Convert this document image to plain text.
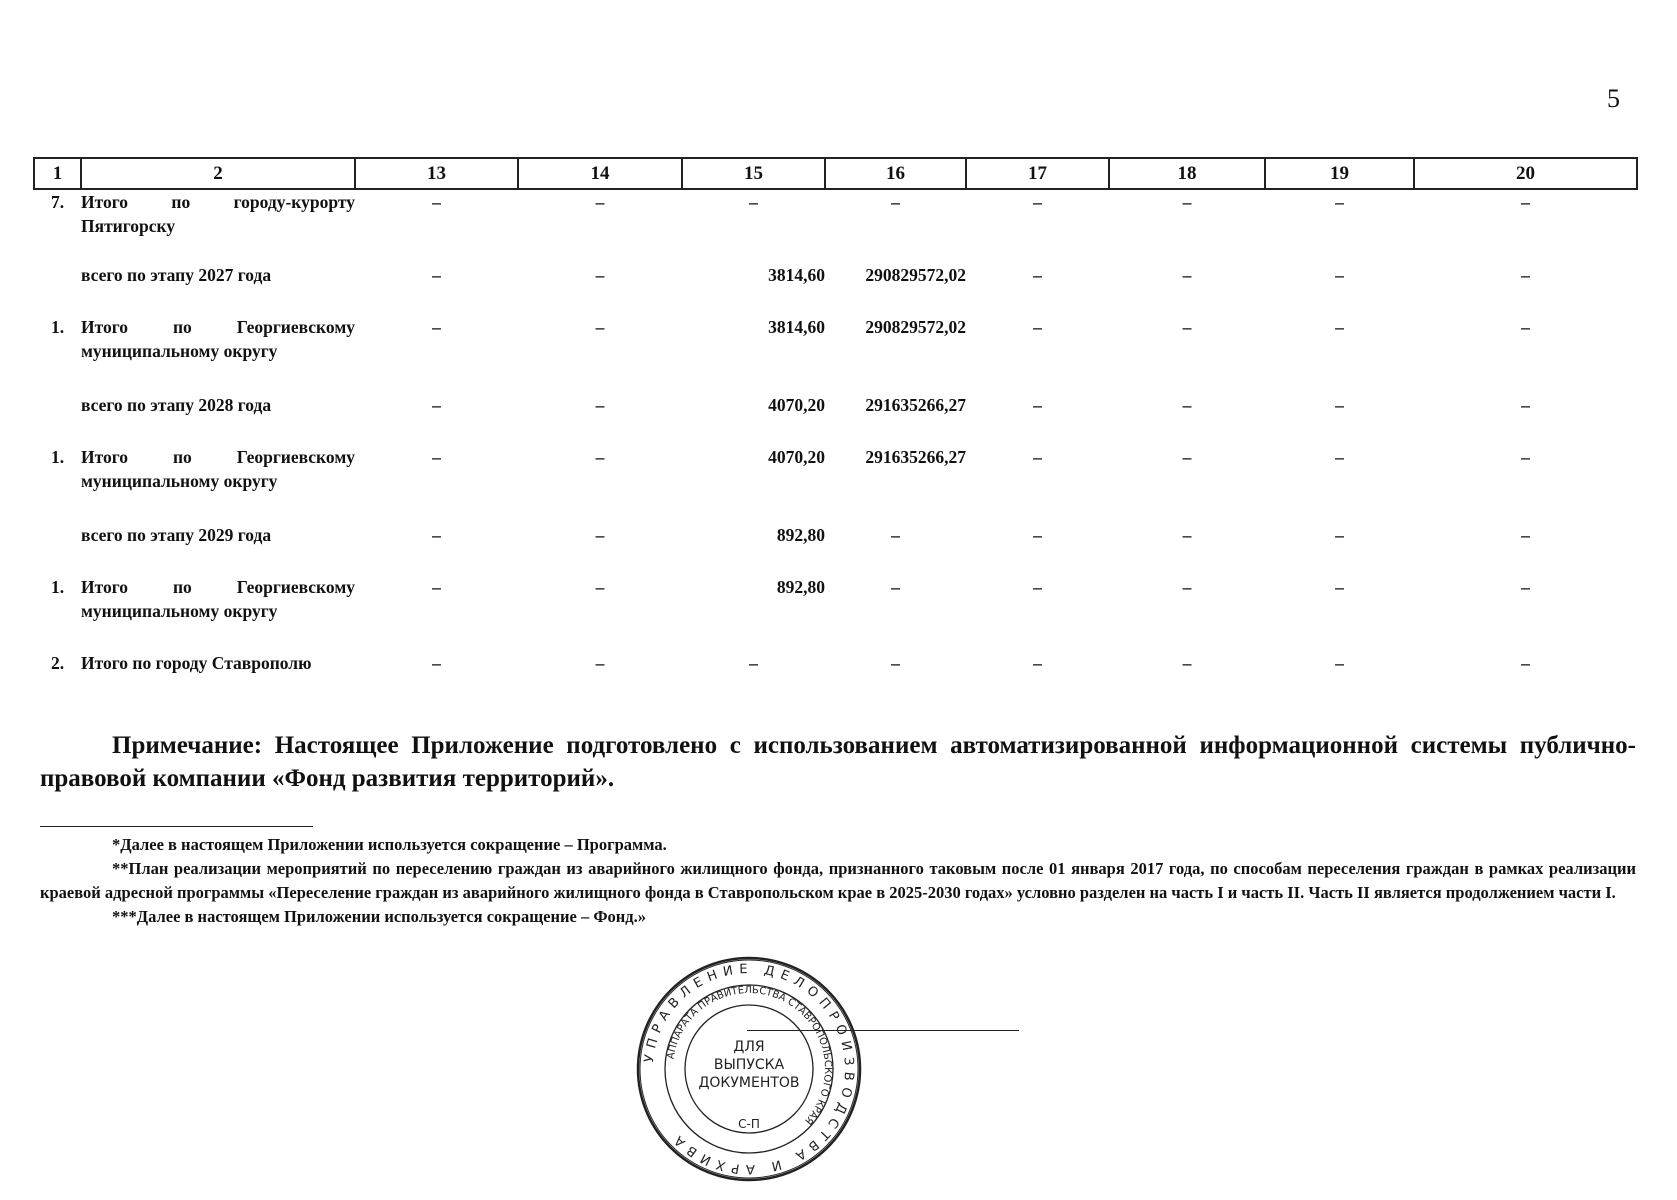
5
1	2	13	14	15	16	17	18	19	20
7.	Итого по городу-курорту Пятигорску	–	–	–	–	–	–	–	–
	всего по этапу 2027 года	–	–	3814,60	290829572,02	–	–	–	–
1.	Итого по Георгиевскому муниципальному округу	–	–	3814,60	290829572,02	–	–	–	–
	всего по этапу 2028 года	–	–	4070,20	291635266,27	–	–	–	–
1.	Итого по Георгиевскому муниципальному округу	–	–	4070,20	291635266,27	–	–	–	–
	всего по этапу 2029 года	–	–	892,80	–	–	–	–	–
1.	Итого по Георгиевскому муниципальному округу	–	–	892,80	–	–	–	–	–
2.	Итого по городу Ставрополю	–	–	–	–	–	–	–	–
Примечание: Настоящее Приложение подготовлено с использованием автоматизированной информационной системы публично-правовой компании «Фонд развития территорий».

*Далее в настоящем Приложении используется сокращение – Программа.

**План реализации мероприятий по переселению граждан из аварийного жилищного фонда, признанного таковым после 01 января 2017 года, по способам переселения граждан в рамках реализации краевой адресной программы «Переселение граждан из аварийного жилищного фонда в Ставропольском крае в 2025-2030 годах» условно разделен на часть I и часть II. Часть II является продолжением части I.

***Далее в настоящем Приложении используется сокращение – Фонд.»

УПРАВЛЕНИЕ ДЕЛОПРОИЗВОДСТВА И АРХИВА
АППАРАТА ПРАВИТЕЛЬСТВА СТАВРОПОЛЬСКОГО КРАЯ
ДЛЯ
ВЫПУСКА
ДОКУМЕНТОВ
С-П
